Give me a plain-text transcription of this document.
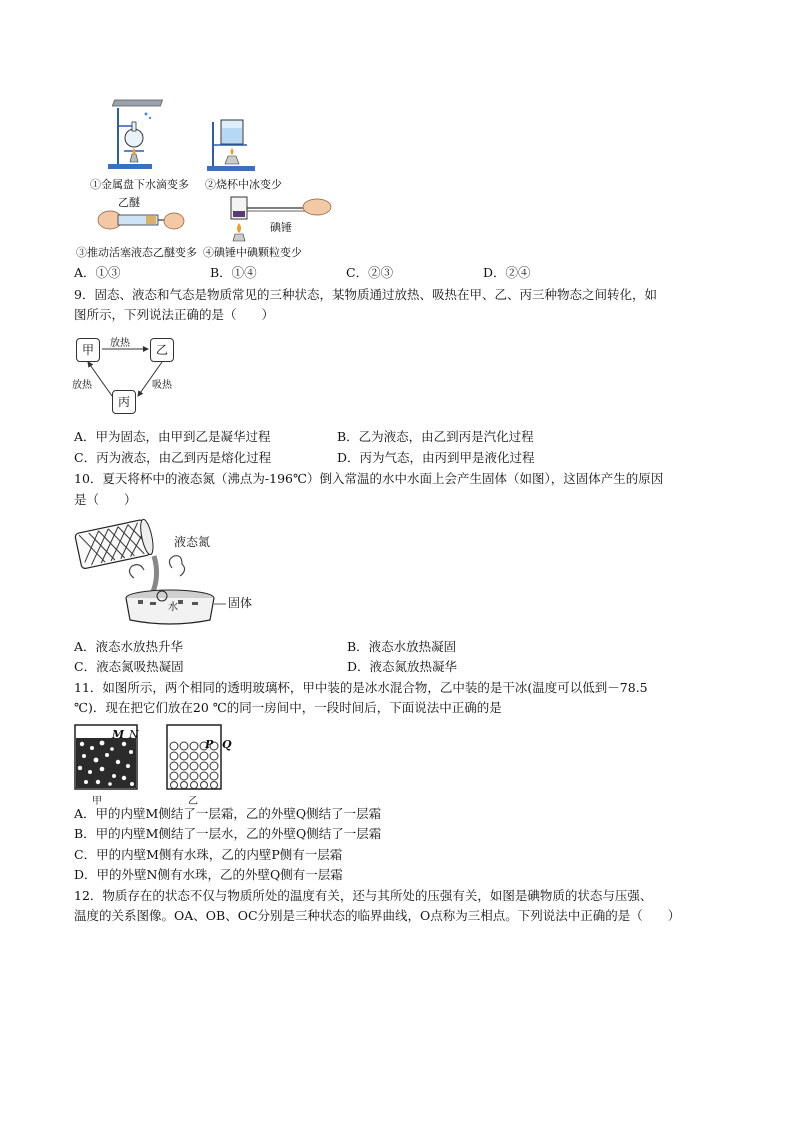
①金属盘下水滴变多 ②烧杯中冰变少
乙醚
③推动活塞液态乙醚变多
碘锤
④碘锤中碘颗粒变少
A．①③	B．①④	C．②③	D．②④
9．固态、液态和气态是物质常见的三种状态，某物质通过放热、吸热在甲、乙、丙三种物态之间转化，如
图所示，下列说法正确的是（　　）
甲	乙
丙
放热
放热	吸热
A．甲为固态，由甲到乙是凝华过程	B．乙为液态，由乙到丙是汽化过程
C．丙为液态，由乙到丙是熔化过程	D．丙为气态，由丙到甲是液化过程
10．夏天将杯中的液态氮（沸点为-196℃）倒入常温的水中水面上会产生固体（如图），这固体产生的原因
是（　　）
液态氮
水	固体
A．液态水放热升华	B．液态水放热凝固
C．液态氮吸热凝固	D．液态氮放热凝华
11．如图所示，两个相同的透明玻璃杯，甲中装的是冰水混合物，乙中装的是干冰(温度可以低到－78.5
℃)．现在把它们放在20 ℃的同一房间中，一段时间后，下面说法中正确的是
M N
甲
P Q
乙
A．甲的内壁M侧结了一层霜，乙的外壁Q侧结了一层霜
B．甲的内壁M侧结了一层水，乙的外壁Q侧结了一层霜
C．甲的内壁M侧有水珠，乙的内壁P侧有一层霜
D．甲的外壁N侧有水珠，乙的外壁Q侧有一层霜
12．物质存在的状态不仅与物质所处的温度有关，还与其所处的压强有关，如图是碘物质的状态与压强、
温度的关系图像。OA、OB、OC分别是三种状态的临界曲线，O点称为三相点。下列说法中正确的是（　　）
